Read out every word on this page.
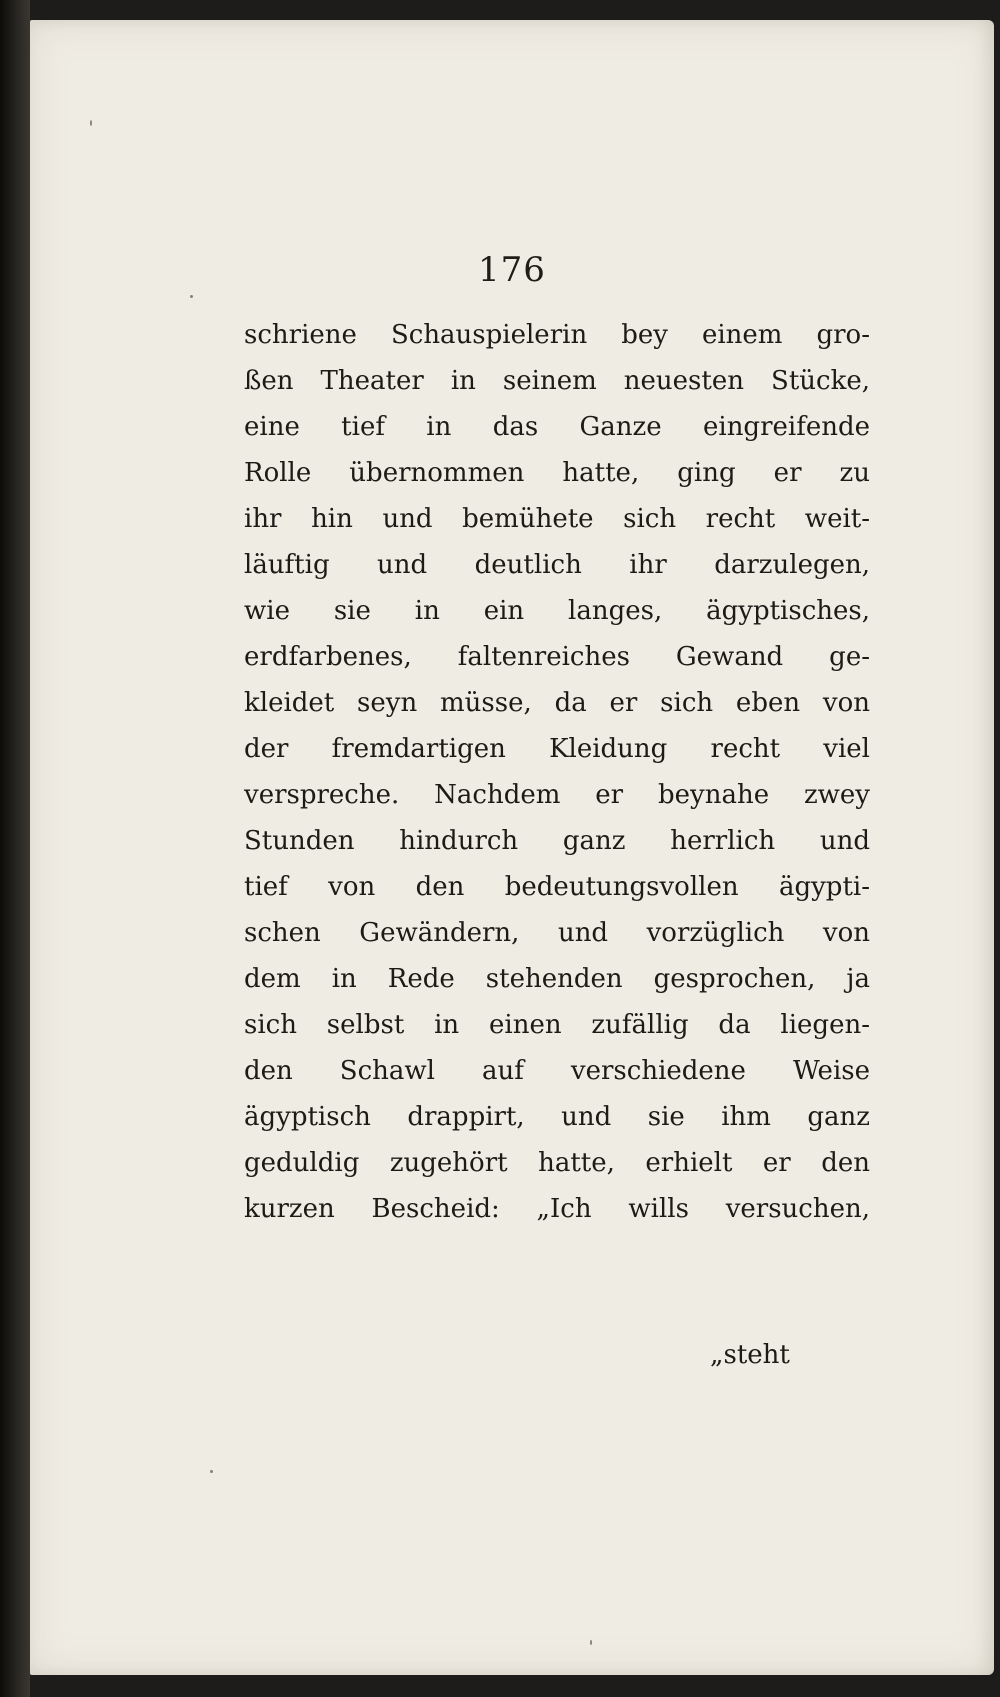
176
schriene Schauspielerin bey einem gro-
ßen Theater in seinem neuesten Stücke,
eine tief in das Ganze eingreifende
Rolle übernommen hatte, ging er zu
ihr hin und bemühete sich recht weit-
läuftig und deutlich ihr darzulegen,
wie sie in ein langes, ägyptisches,
erdfarbenes, faltenreiches Gewand ge-
kleidet seyn müsse, da er sich eben von
der fremdartigen Kleidung recht viel
verspreche. Nachdem er beynahe zwey
Stunden hindurch ganz herrlich und
tief von den bedeutungsvollen ägypti-
schen Gewändern, und vorzüglich von
dem in Rede stehenden gesprochen, ja
sich selbst in einen zufällig da liegen-
den Schawl auf verschiedene Weise
ägyptisch drappirt, und sie ihm ganz
geduldig zugehört hatte, erhielt er den
kurzen Bescheid: „Ich wills versuchen,
„steht
